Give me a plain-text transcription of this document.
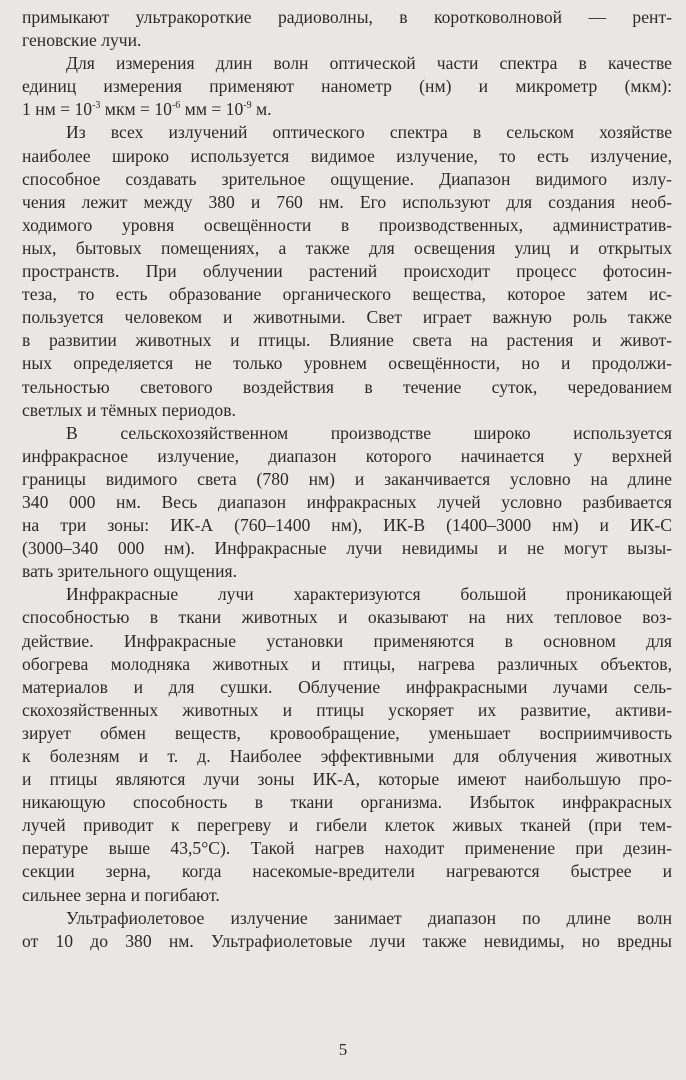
примыкают ультракороткие радиоволны, в коротковолновой — рент-
геновские лучи.
Для измерения длин волн оптической части спектра в качестве
единиц измерения применяют нанометр (нм) и микрометр (мкм):
1 нм = $10^{-3}$ мкм = $10^{-6}$ мм = $10^{-9}$ м.
Из всех излучений оптического спектра в сельском хозяйстве
наиболее широко используется видимое излучение, то есть излучение,
способное создавать зрительное ощущение. Диапазон видимого излу-
чения лежит между 380 и 760 нм. Его используют для создания необ-
ходимого уровня освещённости в производственных, административ-
ных, бытовых помещениях, а также для освещения улиц и открытых
пространств. При облучении растений происходит процесс фотосин-
теза, то есть образование органического вещества, которое затем ис-
пользуется человеком и животными. Свет играет важную роль также
в развитии животных и птицы. Влияние света на растения и живот-
ных определяется не только уровнем освещённости, но и продолжи-
тельностью светового воздействия в течение суток, чередованием
светлых и тёмных периодов.
В сельскохозяйственном производстве широко используется
инфракрасное излучение, диапазон которого начинается у верхней
границы видимого света (780 нм) и заканчивается условно на длине
340 000 нм. Весь диапазон инфракрасных лучей условно разбивается
на три зоны: ИК-А (760–1400 нм), ИК-В (1400–3000 нм) и ИК-С
(3000–340 000 нм). Инфракрасные лучи невидимы и не могут вызы-
вать зрительного ощущения.
Инфракрасные лучи характеризуются большой проникающей
способностью в ткани животных и оказывают на них тепловое воз-
действие. Инфракрасные установки применяются в основном для
обогрева молодняка животных и птицы, нагрева различных объектов,
материалов и для сушки. Облучение инфракрасными лучами сель-
скохозяйственных животных и птицы ускоряет их развитие, активи-
зирует обмен веществ, кровообращение, уменьшает восприимчивость
к болезням и т. д. Наиболее эффективными для облучения животных
и птицы являются лучи зоны ИК-А, которые имеют наибольшую про-
никающую способность в ткани организма. Избыток инфракрасных
лучей приводит к перегреву и гибели клеток живых тканей (при тем-
пературе выше 43,5°С). Такой нагрев находит применение при дезин-
секции зерна, когда насекомые-вредители нагреваются быстрее и
сильнее зерна и погибают.
Ультрафиолетовое излучение занимает диапазон по длине волн
от 10 до 380 нм. Ультрафиолетовые лучи также невидимы, но вредны
5
